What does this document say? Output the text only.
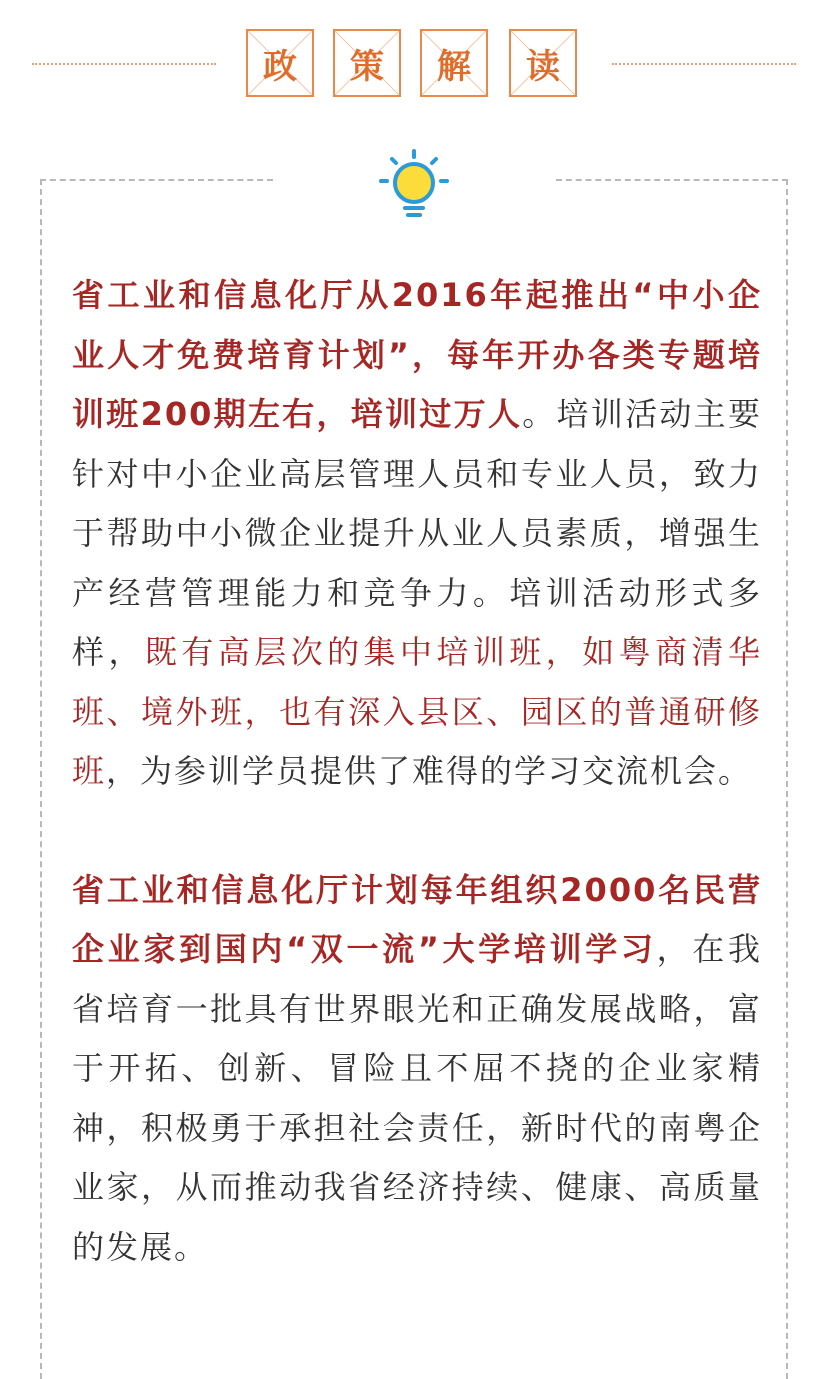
政 策 解 读

省工业和信息化厅从2016年起推出“中小企业人才免费培育计划”，每年开办各类专题培训班200期左右，培训过万人。培训活动主要针对中小企业高层管理人员和专业人员，致力于帮助中小微企业提升从业人员素质，增强生产经营管理能力和竞争力。培训活动形式多样，既有高层次的集中培训班，如粤商清华班、境外班，也有深入县区、园区的普通研修班，为参训学员提供了难得的学习交流机会。

省工业和信息化厅计划每年组织2000名民营企业家到国内“双一流”大学培训学习，在我省培育一批具有世界眼光和正确发展战略，富于开拓、创新、冒险且不屈不挠的企业家精神，积极勇于承担社会责任，新时代的南粤企业家，从而推动我省经济持续、健康、高质量的发展。
